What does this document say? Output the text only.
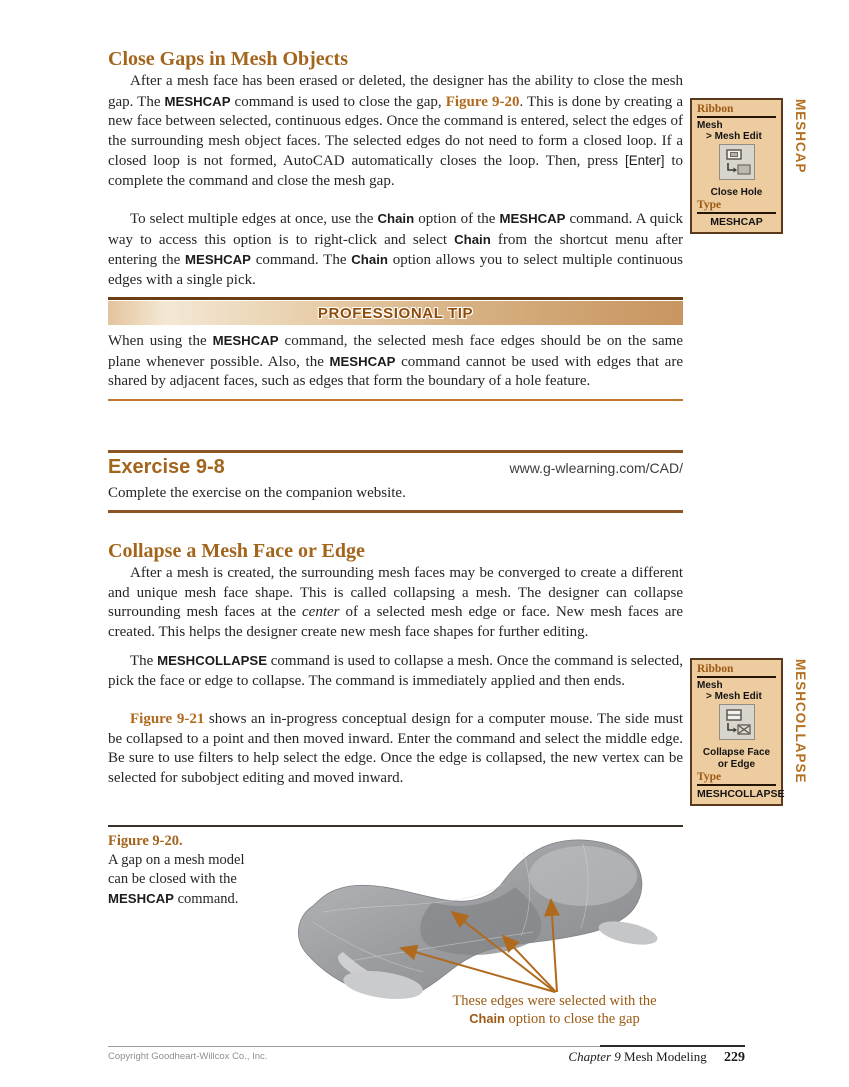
Close Gaps in Mesh Objects

After a mesh face has been erased or deleted, the designer has the ability to close the mesh gap. The MESHCAP command is used to close the gap, Figure 9-20. This is done by creating a new face between selected, continuous edges. Once the command is entered, select the edges of the surrounding mesh object faces. The selected edges do not need to form a closed loop. If a closed loop is not formed, AutoCAD automatically closes the loop. Then, press [Enter] to complete the command and close the mesh gap.

To select multiple edges at once, use the Chain option of the MESHCAP command. A quick way to access this option is to right-click and select Chain from the shortcut menu after entering the MESHCAP command. The Chain option allows you to select multiple continuous edges with a single pick.

PROFESSIONAL TIP
When using the MESHCAP command, the selected mesh face edges should be on the same plane whenever possible. Also, the MESHCAP command cannot be used with edges that are shared by adjacent faces, such as edges that form the boundary of a hole feature.
Exercise 9-8	www.g-wlearning.com/CAD/
Complete the exercise on the companion website.
Collapse a Mesh Face or Edge

After a mesh is created, the surrounding mesh faces may be converged to create a different and unique mesh face shape. This is called collapsing a mesh. The designer can collapse surrounding mesh faces at the center of a selected mesh edge or face. New mesh faces are created. This helps the designer create new mesh face shapes for further editing.

The MESHCOLLAPSE command is used to collapse a mesh. Once the command is selected, pick the face or edge to collapse. The command is immediately applied and then ends.

Figure 9-21 shows an in-progress conceptual design for a computer mouse. The side must be collapsed to a point and then moved inward. Enter the command and select the middle edge. Be sure to use filters to help select the edge. Once the edge is collapsed, the new vertex can be selected for subobject editing and moved inward.

Ribbon
Mesh
> Mesh Edit
Close Hole
Type
MESHCAP
MESHCAP
Ribbon
Mesh
> Mesh Edit
Collapse Face or Edge
Type
MESHCOLLAPSE
MESHCOLLAPSE
Figure 9-20.
A gap on a mesh model can be closed with the MESHCAP command.
These edges were selected with the Chain option to close the gap
Copyright Goodheart-Willcox Co., Inc.	Chapter 9 Mesh Modeling 229
